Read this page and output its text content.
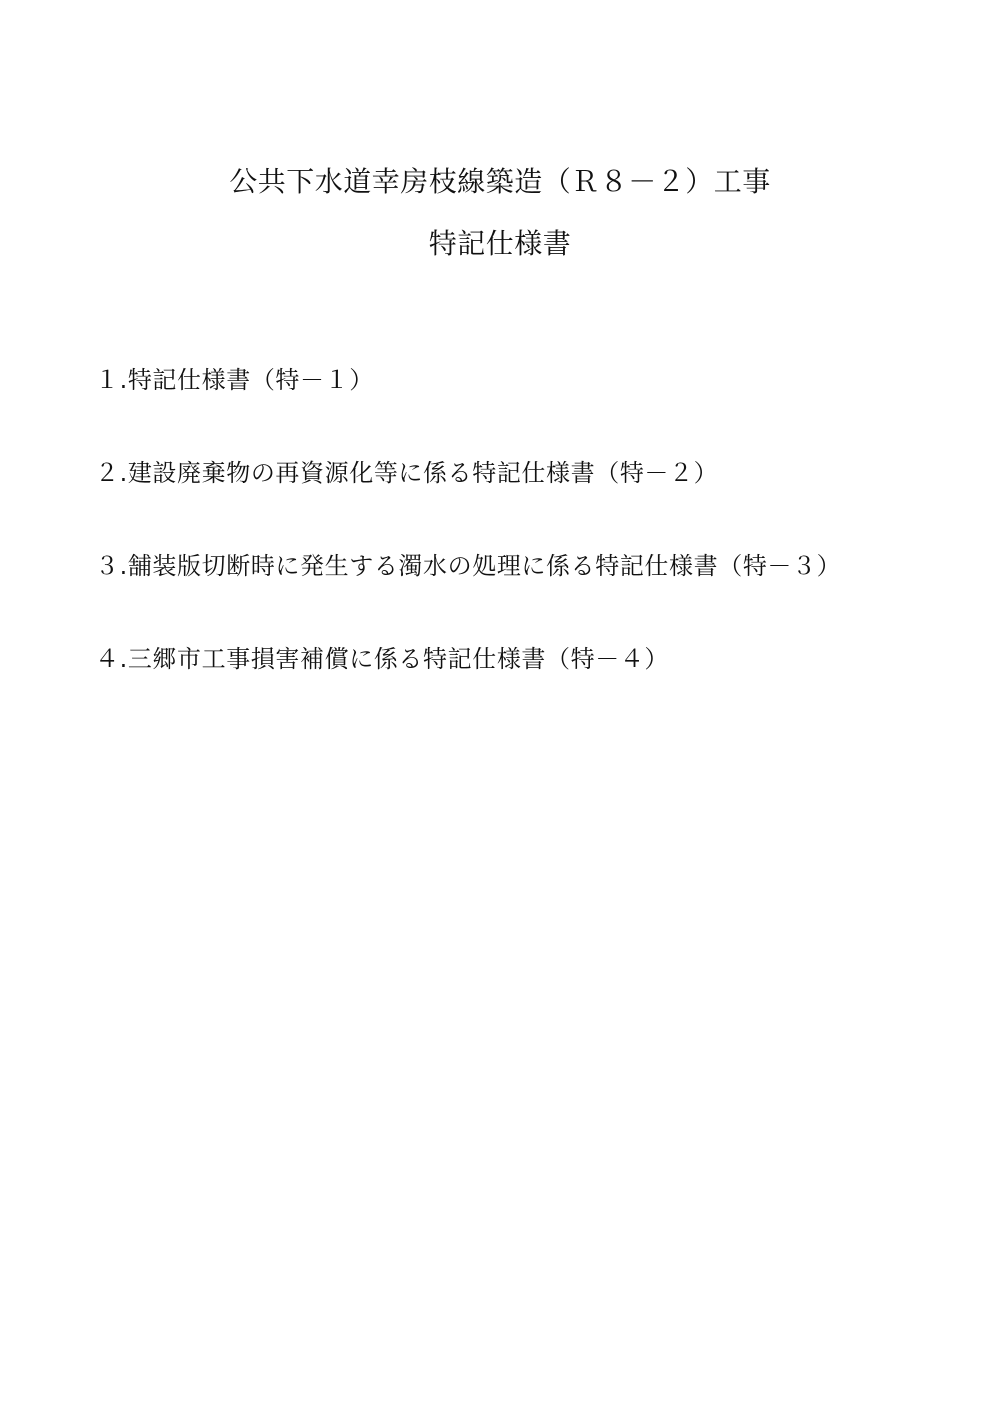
公共下水道幸房枝線築造（Ｒ８－２）工事
特記仕様書
１.特記仕様書（特－１）
２.建設廃棄物の再資源化等に係る特記仕様書（特－２）
３.舗装版切断時に発生する濁水の処理に係る特記仕様書（特－３）
４.三郷市工事損害補償に係る特記仕様書（特－４）
